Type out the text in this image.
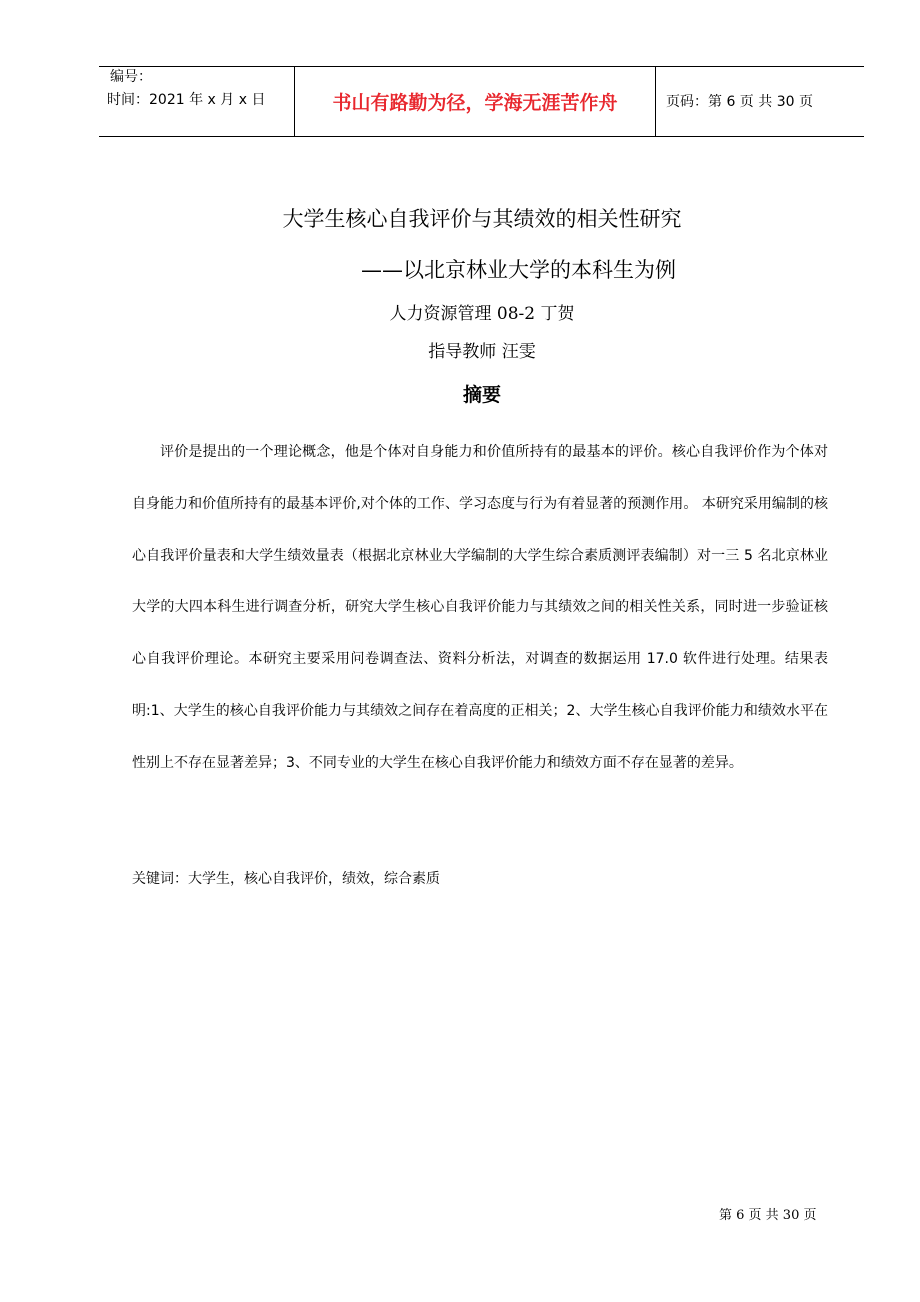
编号：
时间：2021 年 x 月 x 日	书山有路勤为径，学海无涯苦作舟	页码：第 6 页 共 30 页
大学生核心自我评价与其绩效的相关性研究
——以北京林业大学的本科生为例
人力资源管理 08-2 丁贺
指导教师 汪雯
摘要

评价是提出的一个理论概念，他是个体对自身能力和价值所持有的最基本的评价。核心自我评价作为个体对自身能力和价值所持有的最基本评价,对个体的工作、学习态度与行为有着显著的预测作用。 本研究采用编制的核心自我评价量表和大学生绩效量表（根据北京林业大学编制的大学生综合素质测评表编制）对一三 5 名北京林业大学的大四本科生进行调查分析，研究大学生核心自我评价能力与其绩效之间的相关性关系，同时进一步验证核心自我评价理论。本研究主要采用问卷调查法、资料分析法，对调查的数据运用 17.0 软件进行处理。结果表明:1、大学生的核心自我评价能力与其绩效之间存在着高度的正相关；2、大学生核心自我评价能力和绩效水平在性别上不存在显著差异；3、不同专业的大学生在核心自我评价能力和绩效方面不存在显著的差异。

关键词：大学生，核心自我评价，绩效，综合素质
第 6 页 共 30 页
